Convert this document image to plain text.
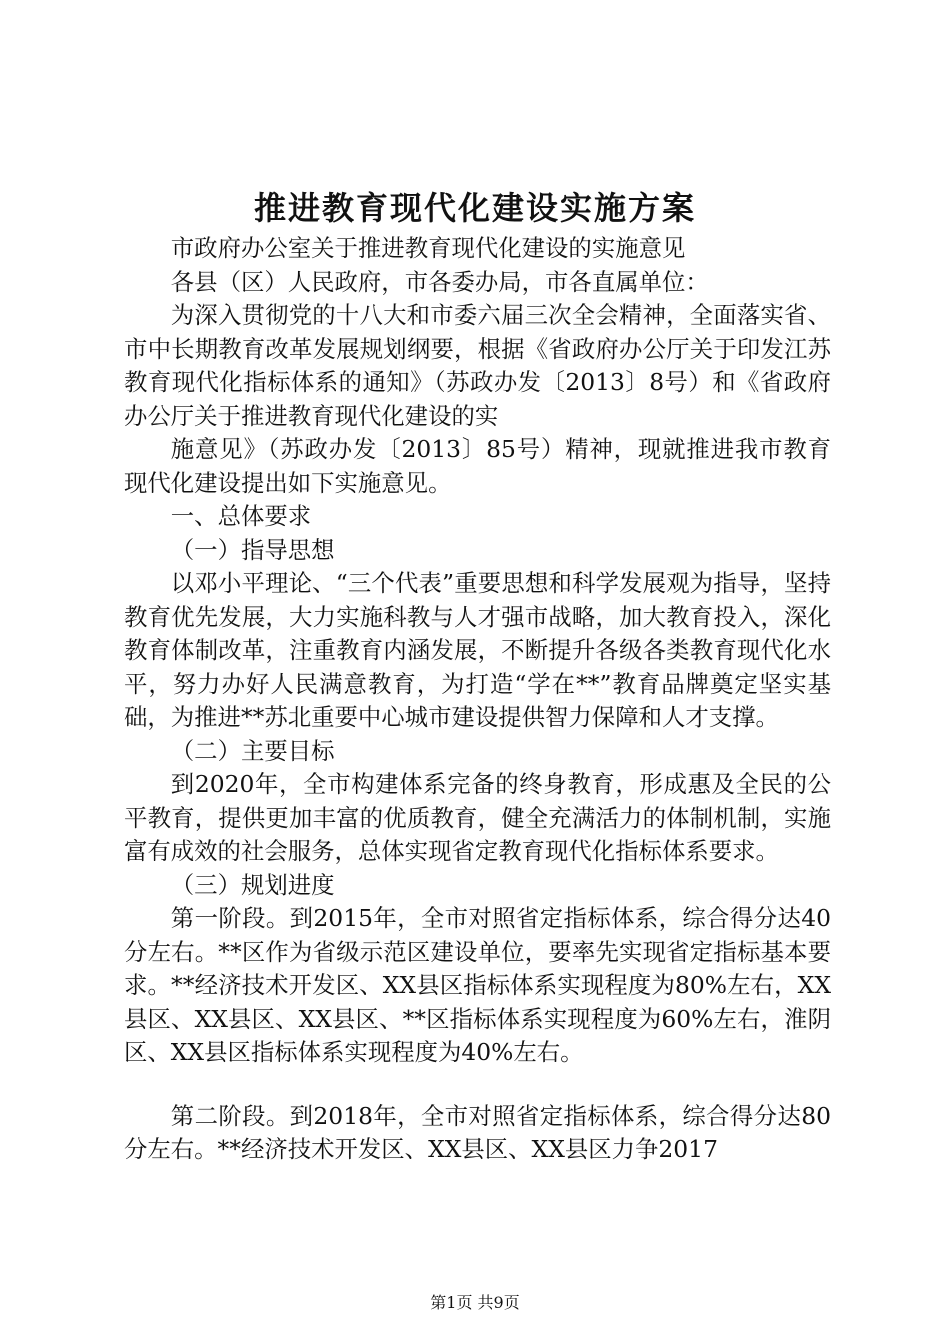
推进教育现代化建设实施方案

市政府办公室关于推进教育现代化建设的实施意见

各县（区）人民政府，市各委办局，市各直属单位：

为深入贯彻党的十八大和市委六届三次全会精神，全面落实省、市中长期教育改革发展规划纲要，根据《省政府办公厅关于印发江苏教育现代化指标体系的通知》（苏政办发〔2013〕8号）和《省政府办公厅关于推进教育现代化建设的实

施意见》（苏政办发〔2013〕85号）精神，现就推进我市教育现代化建设提出如下实施意见。

一、总体要求

（一）指导思想

以邓小平理论、“三个代表”重要思想和科学发展观为指导，坚持教育优先发展，大力实施科教与人才强市战略，加大教育投入，深化教育体制改革，注重教育内涵发展，不断提升各级各类教育现代化水平，努力办好人民满意教育，为打造“学在**”教育品牌奠定坚实基础，为推进**苏北重要中心城市建设提供智力保障和人才支撑。

（二）主要目标

到2020年，全市构建体系完备的终身教育，形成惠及全民的公平教育，提供更加丰富的优质教育，健全充满活力的体制机制，实施富有成效的社会服务，总体实现省定教育现代化指标体系要求。

（三）规划进度

第一阶段。到2015年，全市对照省定指标体系，综合得分达40分左右。**区作为省级示范区建设单位，要率先实现省定指标基本要求。**经济技术开发区、XX县区指标体系实现程度为80%左右，XX县区、XX县区、XX县区、**区指标体系实现程度为60%左右，淮阴区、XX县区指标体系实现程度为40%左右。

第二阶段。到2018年，全市对照省定指标体系，综合得分达80分左右。**经济技术开发区、XX县区、XX县区力争2017

第1页 共9页
